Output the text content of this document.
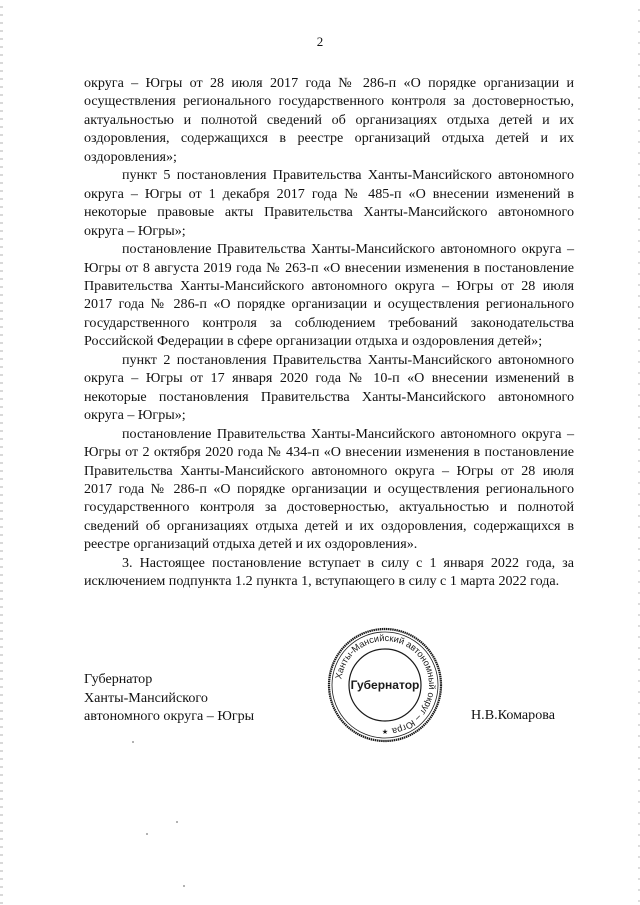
2

округа – Югры от 28 июля 2017 года № 286-п «О порядке организации и осуществления регионального государственного контроля за достоверностью, актуальностью и полнотой сведений об организациях отдыха детей и их оздоровления, содержащихся в реестре организаций отдыха детей и их оздоровления»;

пункт 5 постановления Правительства Ханты-Мансийского автономного округа – Югры от 1 декабря 2017 года № 485-п «О внесении изменений в некоторые правовые акты Правительства Ханты-Мансийского автономного округа – Югры»;

постановление Правительства Ханты-Мансийского автономного округа – Югры от 8 августа 2019 года № 263-п «О внесении изменения в постановление Правительства Ханты-Мансийского автономного округа – Югры от 28 июля 2017 года № 286-п «О порядке организации и осуществления регионального государственного контроля за соблюдением требований законодательства Российской Федерации в сфере организации отдыха и оздоровления детей»;

пункт 2 постановления Правительства Ханты-Мансийского автономного округа – Югры от 17 января 2020 года № 10-п «О внесении изменений в некоторые постановления Правительства Ханты-Мансийского автономного округа – Югры»;

постановление Правительства Ханты-Мансийского автономного округа – Югры от 2 октября 2020 года № 434-п «О внесении изменения в постановление Правительства Ханты-Мансийского автономного округа – Югры от 28 июля 2017 года № 286-п «О порядке организации и осуществления регионального государственного контроля за достоверностью, актуальностью и полнотой сведений об организациях отдыха детей и их оздоровления, содержащихся в реестре организаций отдыха детей и их оздоровления».

3. Настоящее постановление вступает в силу с 1 января 2022 года, за исключением подпункта 1.2 пункта 1, вступающего в силу с 1 марта 2022 года.

Губернатор
Ханты-Мансийского
автономного округа – Югры
Ханты-Мансийский автономный округ – Югра
Губернатор
★
Н.В.Комарова
